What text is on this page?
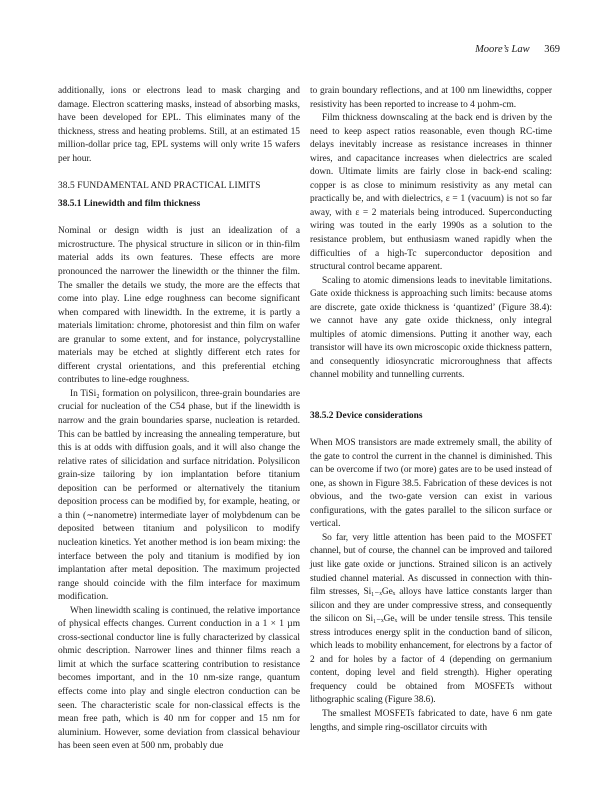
Moore’s Law 369

additionally, ions or electrons lead to mask charging and damage. Electron scattering masks, instead of absorbing masks, have been developed for EPL. This eliminates many of the thickness, stress and heating problems. Still, at an estimated 15 million-dollar price tag, EPL systems will only write 15 wafers per hour.

38.5 FUNDAMENTAL AND PRACTICAL LIMITS

38.5.1 Linewidth and film thickness

Nominal or design width is just an idealization of a microstructure. The physical structure in silicon or in thin-film material adds its own features. These effects are more pronounced the narrower the linewidth or the thinner the film. The smaller the details we study, the more are the effects that come into play. Line edge roughness can become significant when compared with linewidth. In the extreme, it is partly a materials limitation: chrome, photoresist and thin film on wafer are granular to some extent, and for instance, polycrystalline materials may be etched at slightly different etch rates for different crystal orientations, and this preferential etching contributes to line-edge roughness.

In TiSi₂ formation on polysilicon, three-grain boundaries are crucial for nucleation of the C54 phase, but if the linewidth is narrow and the grain boundaries sparse, nucleation is retarded. This can be battled by increasing the annealing temperature, but this is at odds with diffusion goals, and it will also change the relative rates of silicidation and surface nitridation. Polysilicon grain-size tailoring by ion implantation before titanium deposition can be performed or alternatively the titanium deposition process can be modified by, for example, heating, or a thin (∼nanometre) intermediate layer of molybdenum can be deposited between titanium and polysilicon to modify nucleation kinetics. Yet another method is ion beam mixing: the interface between the poly and titanium is modified by ion implantation after metal deposition. The maximum projected range should coincide with the film interface for maximum modification.

When linewidth scaling is continued, the relative importance of physical effects changes. Current conduction in a 1 × 1 µm cross-sectional conductor line is fully characterized by classical ohmic description. Narrower lines and thinner films reach a limit at which the surface scattering contribution to resistance becomes important, and in the 10 nm-size range, quantum effects come into play and single electron conduction can be seen. The characteristic scale for non-classical effects is the mean free path, which is 40 nm for copper and 15 nm for aluminium. However, some deviation from classical behaviour has been seen even at 500 nm, probably due

to grain boundary reflections, and at 100 nm linewidths, copper resistivity has been reported to increase to 4 µohm-cm.

Film thickness downscaling at the back end is driven by the need to keep aspect ratios reasonable, even though RC-time delays inevitably increase as resistance increases in thinner wires, and capacitance increases when dielectrics are scaled down. Ultimate limits are fairly close in back-end scaling: copper is as close to minimum resistivity as any metal can practically be, and with dielectrics, ε = 1 (vacuum) is not so far away, with ε = 2 materials being introduced. Superconducting wiring was touted in the early 1990s as a solution to the resistance problem, but enthusiasm waned rapidly when the difficulties of a high-Tc superconductor deposition and structural control became apparent.

Scaling to atomic dimensions leads to inevitable limitations. Gate oxide thickness is approaching such limits: because atoms are discrete, gate oxide thickness is ‘quantized’ (Figure 38.4): we cannot have any gate oxide thickness, only integral multiples of atomic dimensions. Putting it another way, each transistor will have its own microscopic oxide thickness pattern, and consequently idiosyncratic microroughness that affects channel mobility and tunnelling currents.

38.5.2 Device considerations

When MOS transistors are made extremely small, the ability of the gate to control the current in the channel is diminished. This can be overcome if two (or more) gates are to be used instead of one, as shown in Figure 38.5. Fabrication of these devices is not obvious, and the two-gate version can exist in various configurations, with the gates parallel to the silicon surface or vertical.

So far, very little attention has been paid to the MOSFET channel, but of course, the channel can be improved and tailored just like gate oxide or junctions. Strained silicon is an actively studied channel material. As discussed in connection with thin-film stresses, Si₁₋ₓGeₓ alloys have lattice constants larger than silicon and they are under compressive stress, and consequently the silicon on Si₁₋ₓGeₓ will be under tensile stress. This tensile stress introduces energy split in the conduction band of silicon, which leads to mobility enhancement, for electrons by a factor of 2 and for holes by a factor of 4 (depending on germanium content, doping level and field strength). Higher operating frequency could be obtained from MOSFETs without lithographic scaling (Figure 38.6).

The smallest MOSFETs fabricated to date, have 6 nm gate lengths, and simple ring-oscillator circuits with
